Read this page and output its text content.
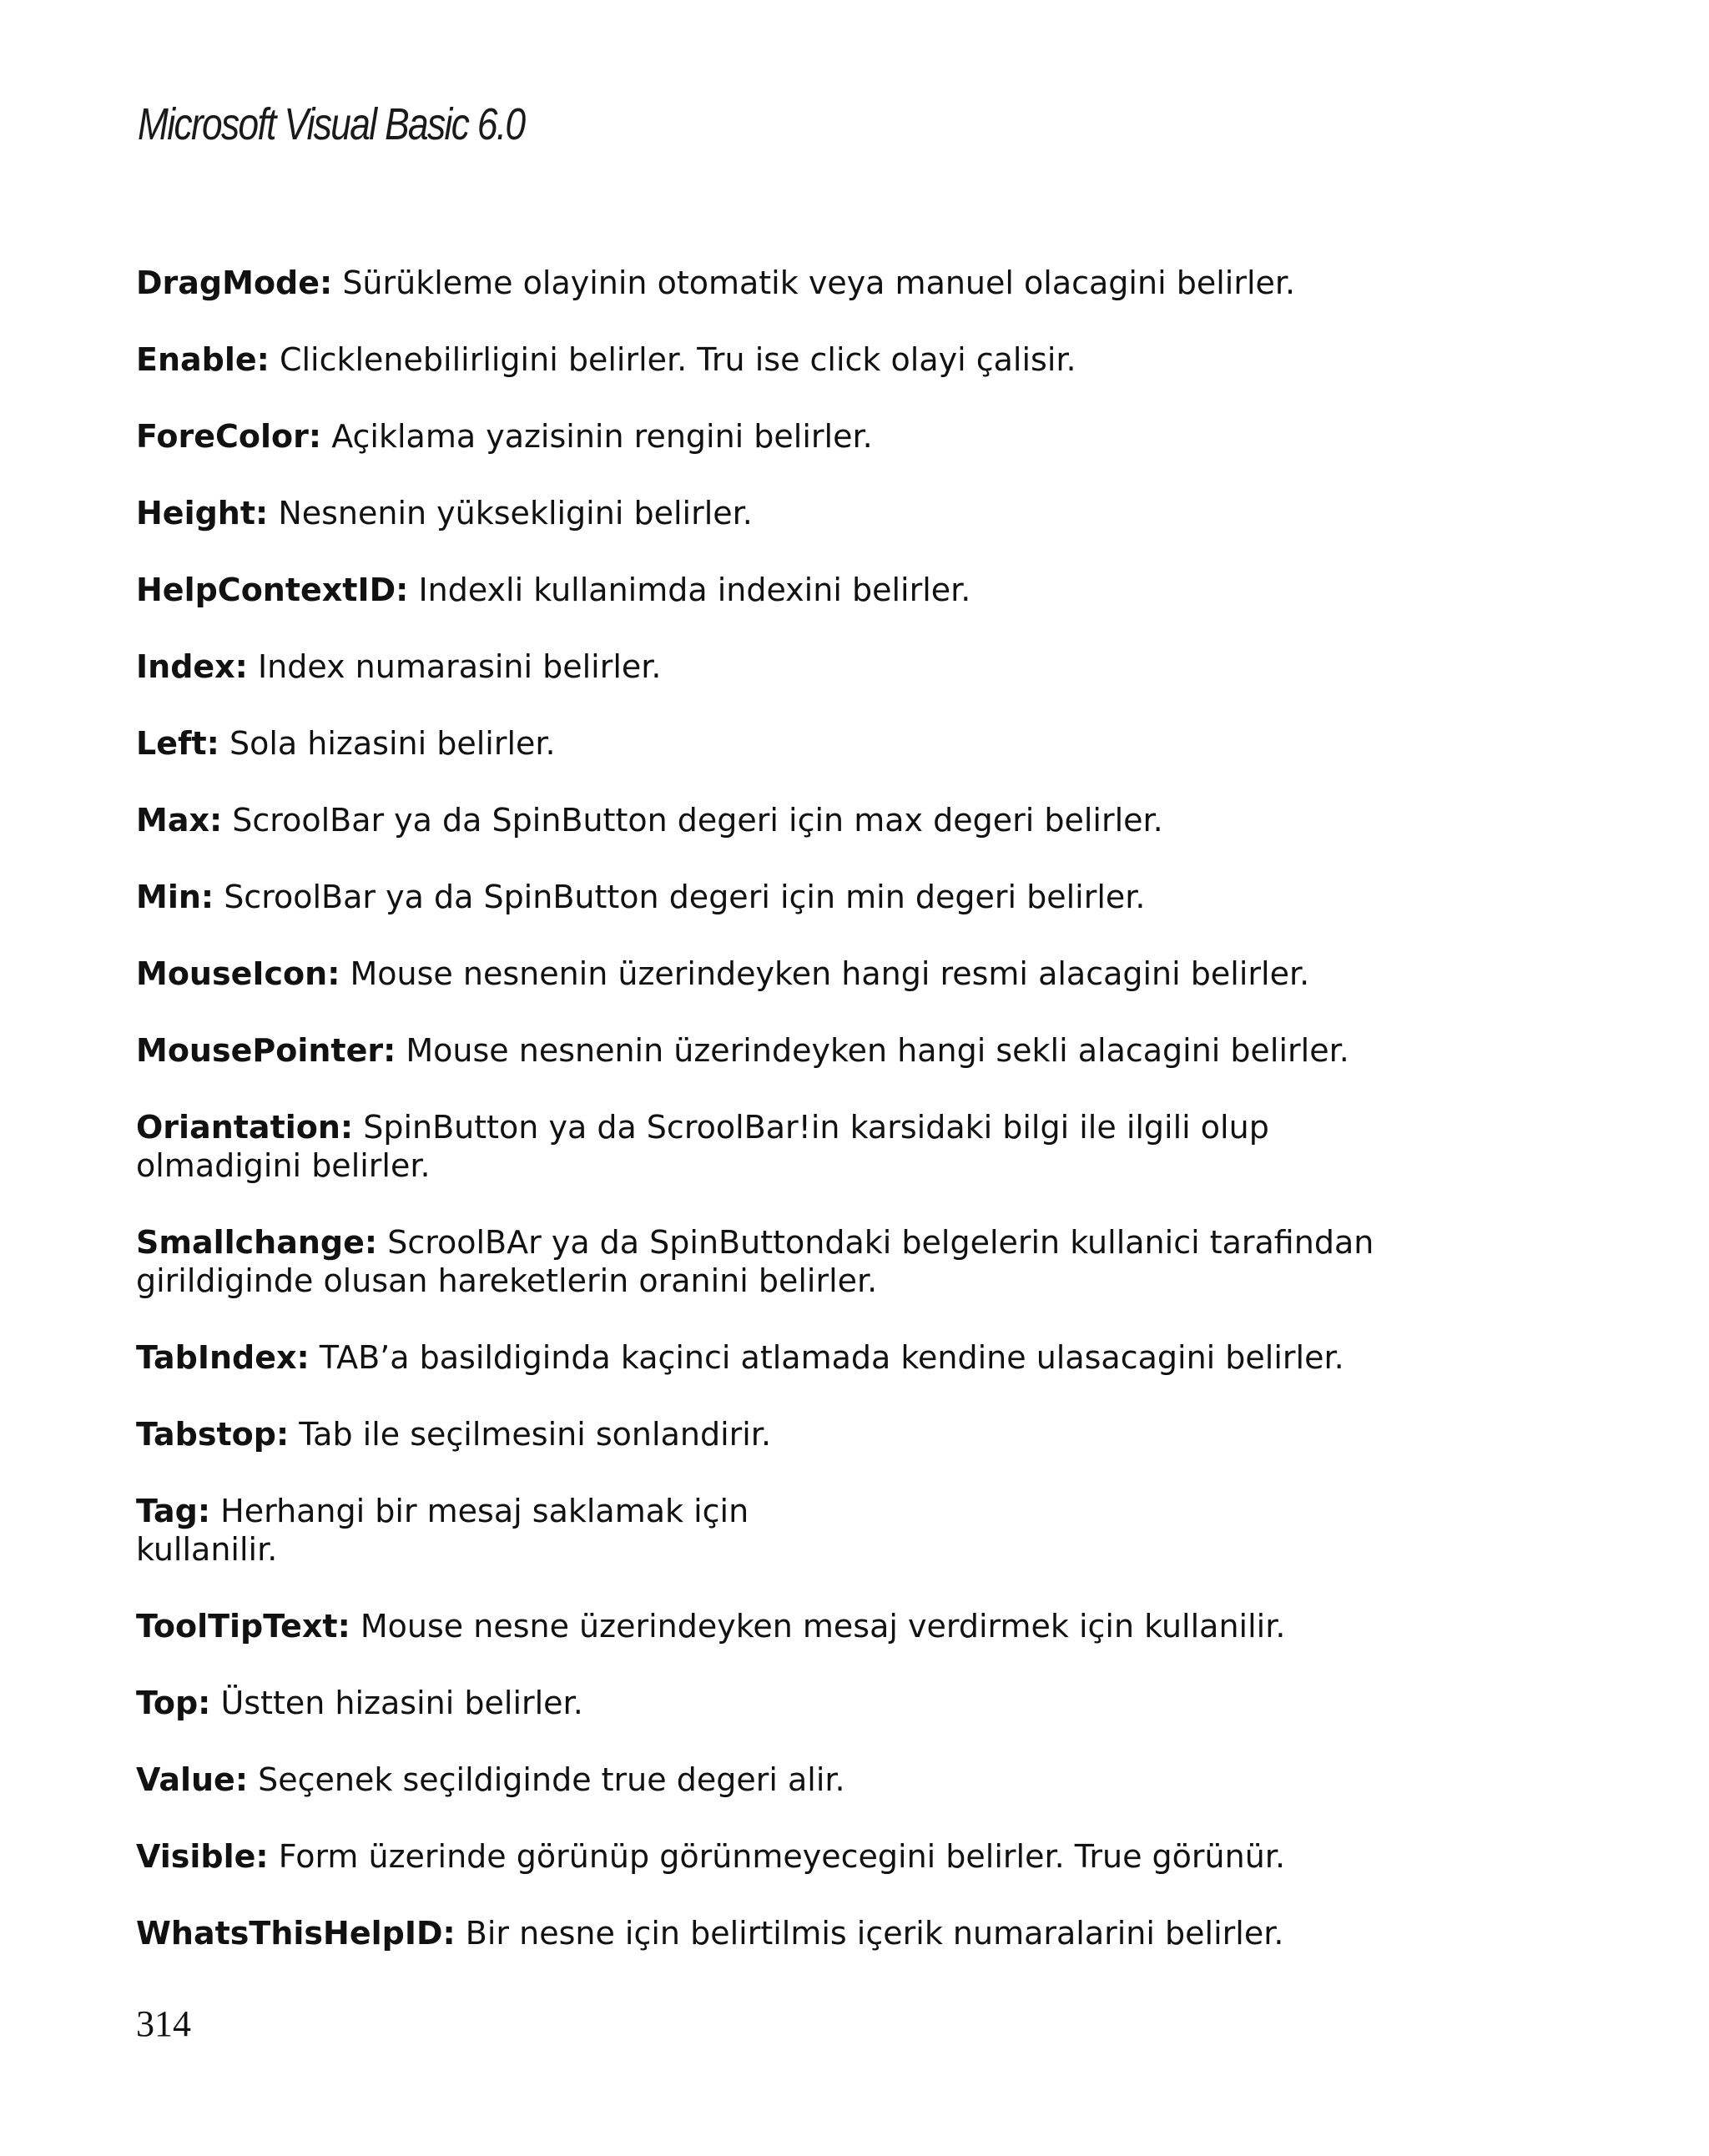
Microsoft Visual Basic 6.0
DragMode: Sürükleme olayinin otomatik veya manuel olacagini belirler.
Enable: Clicklenebilirligini belirler. Tru ise click olayi çalisir.
ForeColor: Açiklama yazisinin rengini belirler.
Height: Nesnenin yüksekligini belirler.
HelpContextID: Indexli kullanimda indexini belirler.
Index: Index numarasini belirler.
Left: Sola hizasini belirler.
Max: ScroolBar ya da SpinButton degeri için max degeri belirler.
Min: ScroolBar ya da SpinButton degeri için min degeri belirler.
MouseIcon: Mouse nesnenin üzerindeyken hangi resmi alacagini belirler.
MousePointer: Mouse nesnenin üzerindeyken hangi sekli alacagini belirler.
Oriantation: SpinButton ya da ScroolBar!in karsidaki bilgi ile ilgili olup
olmadigini belirler.
Smallchange: ScroolBAr ya da SpinButtondaki belgelerin kullanici tarafindan
girildiginde olusan hareketlerin oranini belirler.
TabIndex: TAB’a basildiginda kaçinci atlamada kendine ulasacagini belirler.
Tabstop: Tab ile seçilmesini sonlandirir.
Tag: Herhangi bir mesaj saklamak için
kullanilir.
ToolTipText: Mouse nesne üzerindeyken mesaj verdirmek için kullanilir.
Top: Üstten hizasini belirler.
Value: Seçenek seçildiginde true degeri alir.
Visible: Form üzerinde görünüp görünmeyecegini belirler. True görünür.
WhatsThisHelpID: Bir nesne için belirtilmis içerik numaralarini belirler.
314
